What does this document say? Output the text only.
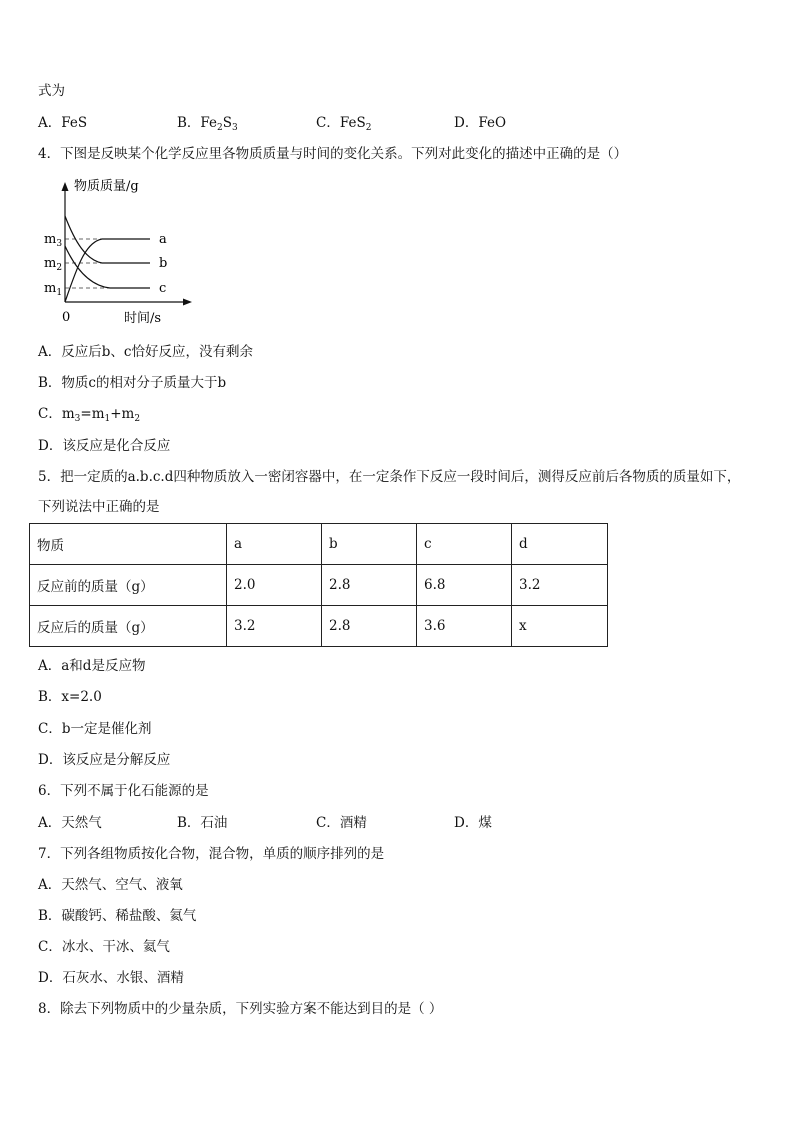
式为
A．FeS	B．$Fe_2S_3$	C．FeS$_2$	D．FeO
4．下图是反映某个化学反应里各物质质量与时间的变化关系。下列对此变化的描述中正确的是（）
物质质量/g
时间/s
0
$m_3$
$m_2$
$m_1$
a
b
c
A．反应后b、c恰好反应，没有剩余
B．物质c的相对分子质量大于b
C．$m_3=m_1+m_2$
D．该反应是化合反应
5．把一定质的a.b.c.d四种物质放入一密闭容器中，在一定条作下反应一段时间后，测得反应前后各物质的质量如下，
下列说法中正确的是
物质	a	b	c	d
反应前的质量（g）	2.0	2.8	6.8	3.2
反应后的质量（g）	3.2	2.8	3.6	x
A．a和d是反应物
B．x=2.0
C．b一定是催化剂
D．该反应是分解反应
6．下列不属于化石能源的是
A．天然气	B．石油	C．酒精	D．煤
7．下列各组物质按化合物，混合物，单质的顺序排列的是
A．天然气、空气、液氧
B．碳酸钙、稀盐酸、氦气
C．冰水、干冰、氦气
D．石灰水、水银、酒精
8．除去下列物质中的少量杂质，下列实验方案不能达到目的是（ ）
